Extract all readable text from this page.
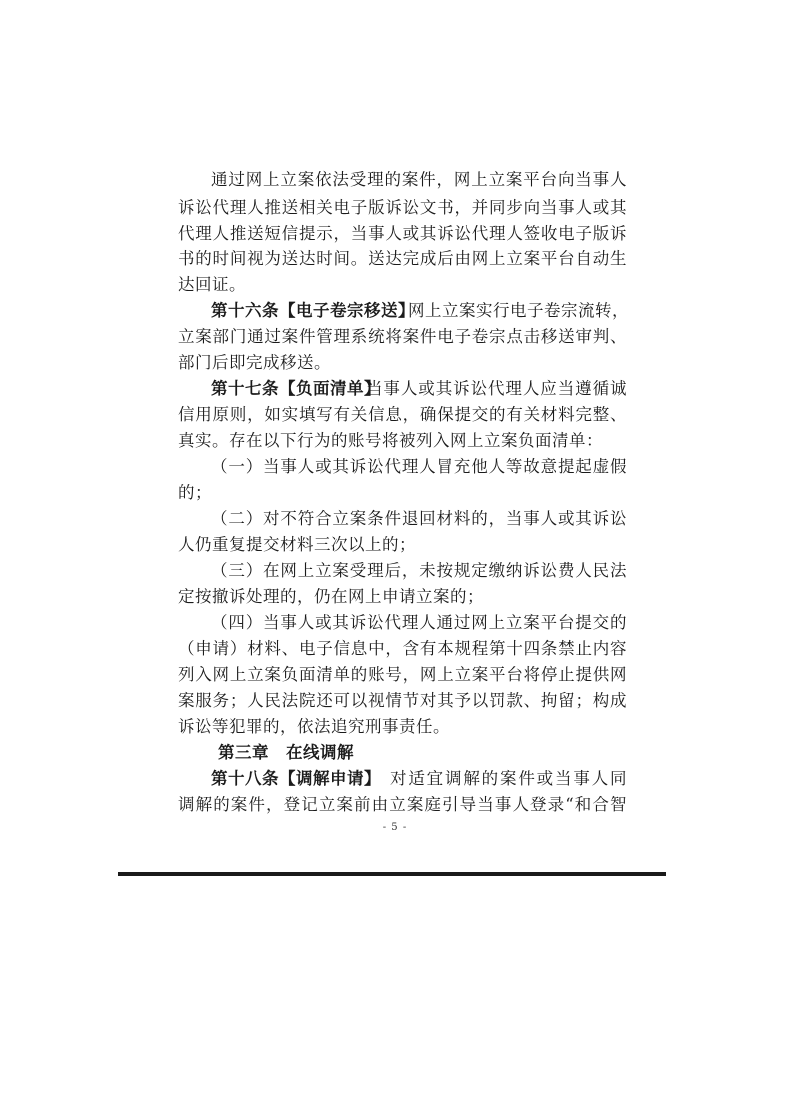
通过网上立案依法受理的案件，网上立案平台向当事人
诉讼代理人推送相关电子版诉讼文书，并同步向当事人或其
代理人推送短信提示，当事人或其诉讼代理人签收电子版诉
书的时间视为送达时间。送达完成后由网上立案平台自动生
达回证。
第十六条【电子卷宗移送】
网上立案实行电子卷宗流转，
立案部门通过案件管理系统将案件电子卷宗点击移送审判、
部门后即完成移送。
第十七条【负面清单】
当事人或其诉讼代理人应当遵循诚
信用原则，如实填写有关信息，确保提交的有关材料完整、
真实。存在以下行为的账号将被列入网上立案负面清单：
（一）当事人或其诉讼代理人冒充他人等故意提起虚假
的；
（二）对不符合立案条件退回材料的，当事人或其诉讼
人仍重复提交材料三次以上的；
（三）在网上立案受理后，未按规定缴纳诉讼费人民法
定按撤诉处理的，仍在网上申请立案的；
（四）当事人或其诉讼代理人通过网上立案平台提交的
（申请）材料、电子信息中，含有本规程第十四条禁止内容
列入网上立案负面清单的账号，网上立案平台将停止提供网
案服务；人民法院还可以视情节对其予以罚款、拘留；构成
诉讼等犯罪的，依法追究刑事责任。
第三章　在线调解
第十八条【调解申请】 对适宜调解的案件或当事人同
调解的案件，登记立案前由立案庭引导当事人登录“和合智
- 5 -
